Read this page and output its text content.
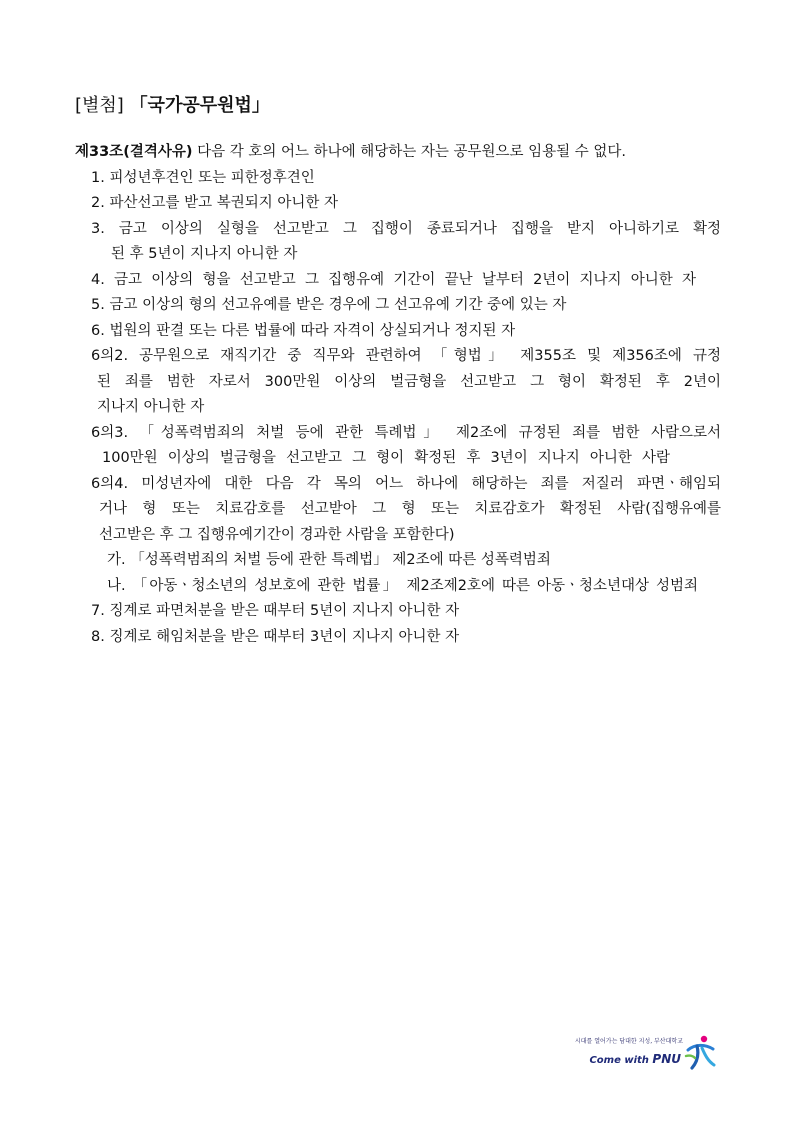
[별첨] 「국가공무원법」
제33조(결격사유) 다음 각 호의 어느 하나에 해당하는 자는 공무원으로 임용될 수 없다.
1. 피성년후견인 또는 피한정후견인
2. 파산선고를 받고 복권되지 아니한 자
3. 금고 이상의 실형을 선고받고 그 집행이 종료되거나 집행을 받지 아니하기로 확정
된 후 5년이 지나지 아니한 자
4. 금고 이상의 형을 선고받고 그 집행유예 기간이 끝난 날부터 2년이 지나지 아니한 자
5. 금고 이상의 형의 선고유예를 받은 경우에 그 선고유예 기간 중에 있는 자
6. 법원의 판결 또는 다른 법률에 따라 자격이 상실되거나 정지된 자
6의2. 공무원으로 재직기간 중 직무와 관련하여 「형법」 제355조 및 제356조에 규정
된 죄를 범한 자로서 300만원 이상의 벌금형을 선고받고 그 형이 확정된 후 2년이
지나지 아니한 자
6의3. 「성폭력범죄의 처벌 등에 관한 특례법」 제2조에 규정된 죄를 범한 사람으로서
100만원 이상의 벌금형을 선고받고 그 형이 확정된 후 3년이 지나지 아니한 사람
6의4. 미성년자에 대한 다음 각 목의 어느 하나에 해당하는 죄를 저질러 파면ㆍ해임되
거나 형 또는 치료감호를 선고받아 그 형 또는 치료감호가 확정된 사람(집행유예를
선고받은 후 그 집행유예기간이 경과한 사람을 포함한다)
가. 「성폭력범죄의 처벌 등에 관한 특례법」 제2조에 따른 성폭력범죄
나. 「아동ㆍ청소년의 성보호에 관한 법률」 제2조제2호에 따른 아동ㆍ청소년대상 성범죄
7. 징계로 파면처분을 받은 때부터 5년이 지나지 아니한 자
8. 징계로 해임처분을 받은 때부터 3년이 지나지 아니한 자
시대를 열어가는 담대한 지성, 부산대학교
Come with PNU
